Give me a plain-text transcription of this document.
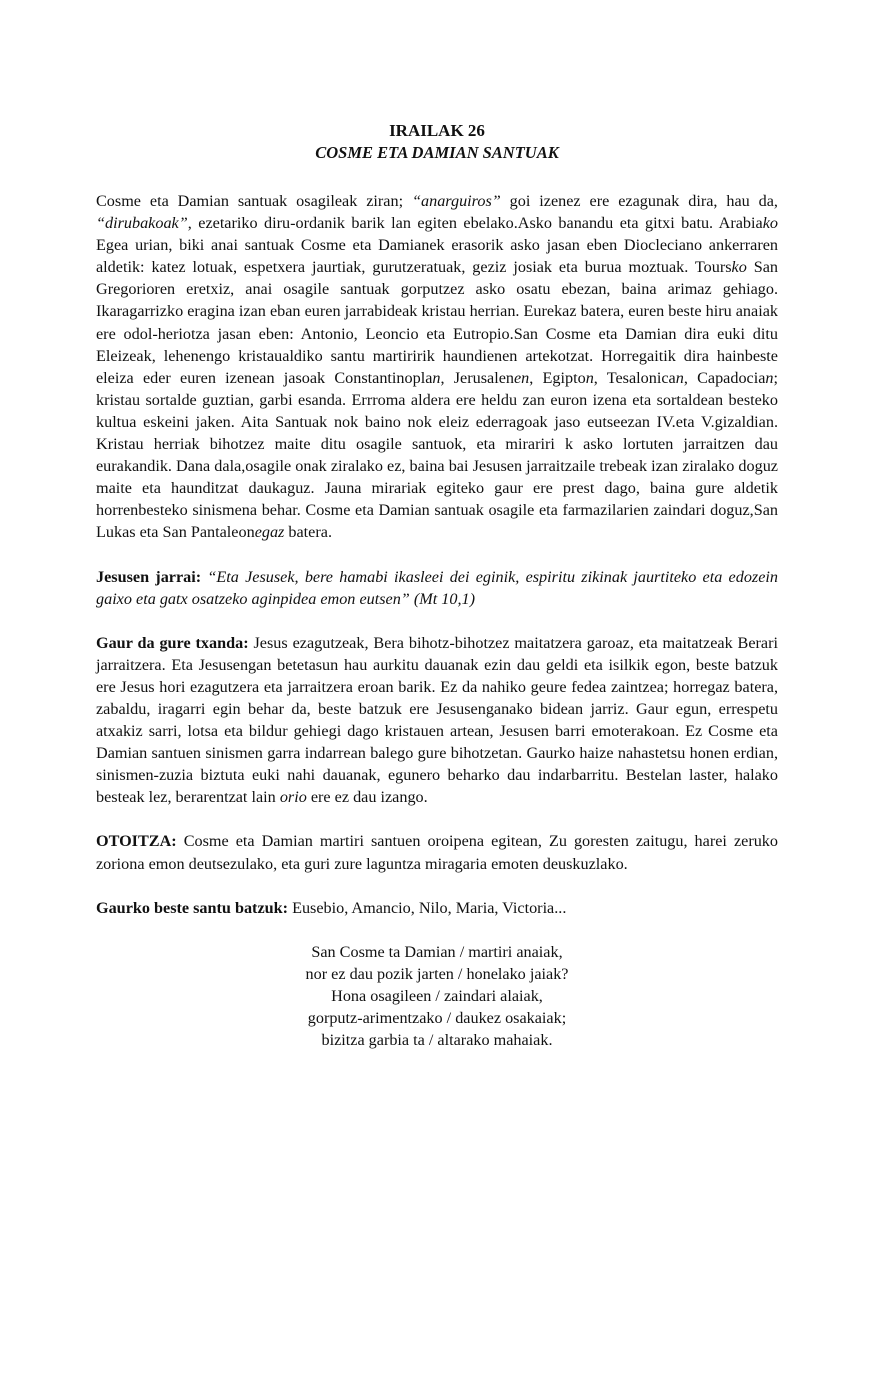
IRAILAK 26
COSME ETA DAMIAN SANTUAK

Cosme eta Damian santuak osagileak ziran; “anarguiros” goi izenez ere ezagunak dira, hau da, “dirubakoak”, ezetariko diru-ordanik barik lan egiten ebelako.Asko banandu eta gitxi batu. Arabiako Egea urian, biki anai santuak Cosme eta Damianek erasorik asko jasan eben Diocleciano ankerraren aldetik: katez lotuak, espetxera jaurtiak, gurutzeratuak, geziz josiak eta burua moztuak. Toursko San Gregorioren eretxiz, anai osagile santuak gorputzez asko osatu ebezan, baina arimaz gehiago. Ikaragarrizko eragina izan eban euren jarrabideak kristau herrian. Eurekaz batera, euren beste hiru anaiak ere odol-heriotza jasan eben: Antonio, Leoncio eta Eutropio.San Cosme eta Damian dira euki ditu Eleizeak, lehenengo kristaualdiko santu martiririk haundienen artekotzat. Horregaitik dira hainbeste eleiza eder euren izenean jasoak Constantinoplan, Jerusalenen, Egipton, Tesalonican, Capadocian; kristau sortalde guztian, garbi esanda. Errroma aldera ere heldu zan euron izena eta sortaldean besteko kultua eskeini jaken. Aita Santuak nok baino nok eleiz ederragoak jaso eutseezan IV.eta V.gizaldian. Kristau herriak bihotzez maite ditu osagile santuok, eta mirariri k asko lortuten jarraitzen dau eurakandik. Dana dala,osagile onak ziralako ez, baina bai Jesusen jarraitzaile trebeak izan ziralako doguz maite eta haunditzat daukaguz. Jauna mirariak egiteko gaur ere prest dago, baina gure aldetik horrenbesteko sinismena behar. Cosme eta Damian santuak osagile eta farmazilarien zaindari doguz,San Lukas eta San Pantaleonegaz batera.

Jesusen jarrai: “Eta Jesusek, bere hamabi ikasleei dei eginik, espiritu zikinak jaurtiteko eta edozein gaixo eta gatx osatzeko aginpidea emon eutsen” (Mt 10,1)

Gaur da gure txanda: Jesus ezagutzeak, Bera bihotz-bihotzez maitatzera garoaz, eta maitatzeak Berari jarraitzera. Eta Jesusengan betetasun hau aurkitu dauanak ezin dau geldi eta isilkik egon, beste batzuk ere Jesus hori ezagutzera eta jarraitzera eroan barik. Ez da nahiko geure fedea zaintzea; horregaz batera, zabaldu, iragarri egin behar da, beste batzuk ere Jesusenganako bidean jarriz. Gaur egun, errespetu atxakiz sarri, lotsa eta bildur gehiegi dago kristauen artean, Jesusen barri emoterakoan. Ez Cosme eta Damian santuen sinismen garra indarrean balego gure bihotzetan. Gaurko haize nahastetsu honen erdian, sinismen-zuzia biztuta euki nahi dauanak, egunero beharko dau indarbarritu. Bestelan laster, halako besteak lez, berarentzat lain orio ere ez dau izango.

OTOITZA: Cosme eta Damian martiri santuen oroipena egitean, Zu goresten zaitugu, harei zeruko zoriona emon deutsezulako, eta guri zure laguntza miragaria emoten deuskuzlako.

Gaurko beste santu batzuk: Eusebio, Amancio, Nilo, Maria, Victoria...

San Cosme ta Damian / martiri anaiak,
nor ez dau pozik jarten / honelako jaiak?
Hona osagileen / zaindari alaiak,
gorputz-arimentzako / daukez osakaiak;
bizitza garbia ta / altarako mahaiak.
